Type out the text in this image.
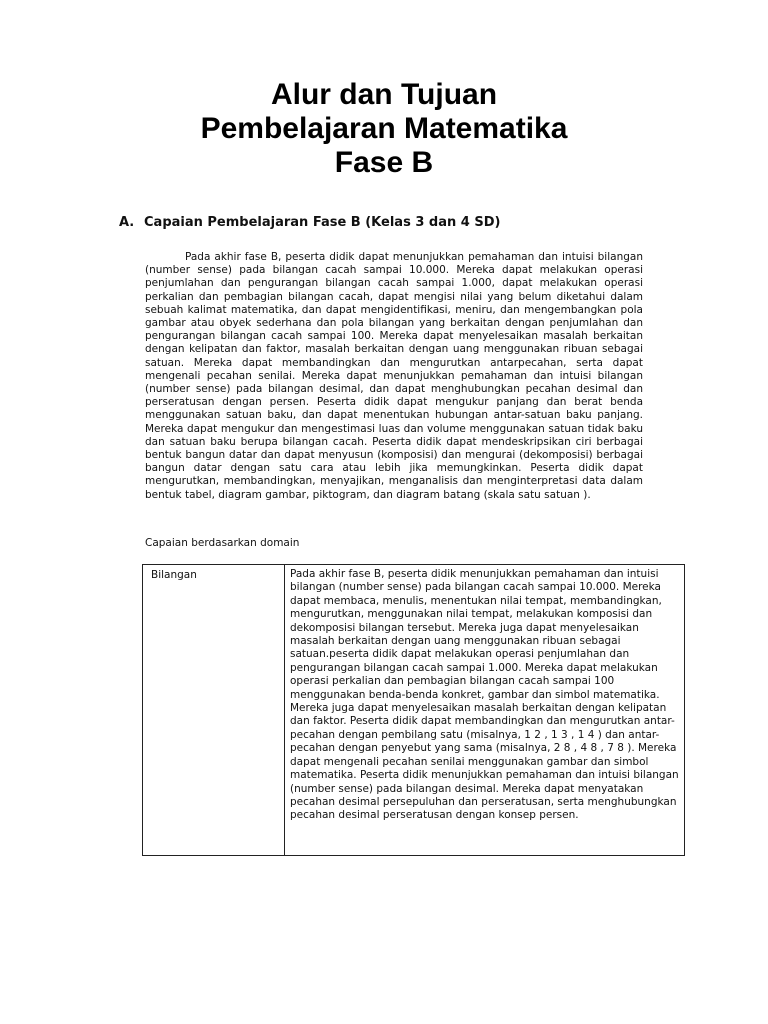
Alur dan Tujuan
Pembelajaran Matematika
Fase B
A. Capaian Pembelajaran Fase B (Kelas 3 dan 4 SD)
Pada akhir fase B, peserta didik dapat menunjukkan pemahaman dan intuisi bilangan (number sense) pada bilangan cacah sampai 10.000. Mereka dapat melakukan operasi penjumlahan dan pengurangan bilangan cacah sampai 1.000, dapat melakukan operasi perkalian dan pembagian bilangan cacah, dapat mengisi nilai yang belum diketahui dalam sebuah kalimat matematika, dan dapat mengidentifikasi, meniru, dan mengembangkan pola gambar atau obyek sederhana dan pola bilangan yang berkaitan dengan penjumlahan dan pengurangan bilangan cacah sampai 100. Mereka dapat menyelesaikan masalah berkaitan dengan kelipatan dan faktor, masalah berkaitan dengan uang menggunakan ribuan sebagai satuan. Mereka dapat membandingkan dan mengurutkan antarpecahan, serta dapat mengenali pecahan senilai. Mereka dapat menunjukkan pemahaman dan intuisi bilangan (number sense) pada bilangan desimal, dan dapat menghubungkan pecahan desimal dan perseratusan dengan persen. Peserta didik dapat mengukur panjang dan berat benda menggunakan satuan baku, dan dapat menentukan hubungan antar-satuan baku panjang. Mereka dapat mengukur dan mengestimasi luas dan volume menggunakan satuan tidak baku dan satuan baku berupa bilangan cacah. Peserta didik dapat mendeskripsikan ciri berbagai bentuk bangun datar dan dapat menyusun (komposisi) dan mengurai (dekomposisi) berbagai bangun datar dengan satu cara atau lebih jika memungkinkan. Peserta didik dapat mengurutkan, membandingkan, menyajikan, menganalisis dan menginterpretasi data dalam bentuk tabel, diagram gambar, piktogram, dan diagram batang (skala satu satuan ).
Capaian berdasarkan domain
Bilangan	Pada akhir fase B, peserta didik menunjukkan pemahaman dan intuisi bilangan (number sense) pada bilangan cacah sampai 10.000. Mereka dapat membaca, menulis, menentukan nilai tempat, membandingkan, mengurutkan, menggunakan nilai tempat, melakukan komposisi dan dekomposisi bilangan tersebut. Mereka juga dapat menyelesaikan masalah berkaitan dengan uang menggunakan ribuan sebagai satuan.peserta didik dapat melakukan operasi penjumlahan dan pengurangan bilangan cacah sampai 1.000. Mereka dapat melakukan operasi perkalian dan pembagian bilangan cacah sampai 100 menggunakan benda-benda konkret, gambar dan simbol matematika. Mereka juga dapat menyelesaikan masalah berkaitan dengan kelipatan dan faktor. Peserta didik dapat membandingkan dan mengurutkan antar-pecahan dengan pembilang satu (misalnya, 1 2 , 1 3 , 1 4 ) dan antar-pecahan dengan penyebut yang sama (misalnya, 2 8 , 4 8 , 7 8 ). Mereka dapat mengenali pecahan senilai menggunakan gambar dan simbol matematika. Peserta didik menunjukkan pemahaman dan intuisi bilangan (number sense) pada bilangan desimal. Mereka dapat menyatakan pecahan desimal persepuluhan dan perseratusan, serta menghubungkan pecahan desimal perseratusan dengan konsep persen.
